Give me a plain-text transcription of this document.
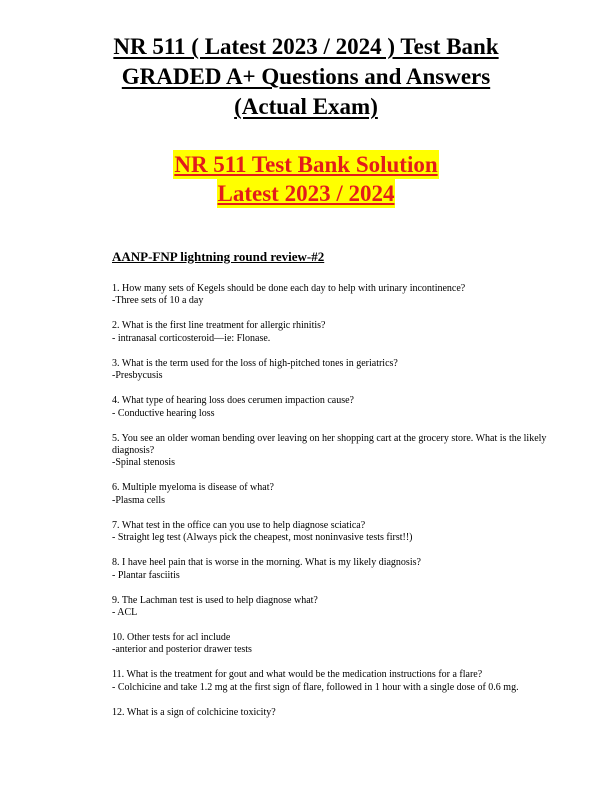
NR 511 ( Latest 2023 / 2024 ) Test Bank
GRADED A+ Questions and Answers
(Actual Exam)
NR 511 Test Bank Solution
Latest 2023 / 2024
AANP-FNP lightning round review-#2

1. How many sets of Kegels should be done each day to help with urinary incontinence?

-Three sets of 10 a day

2. What is the first line treatment for allergic rhinitis?

- intranasal corticosteroid—ie: Flonase.

3. What is the term used for the loss of high-pitched tones in geriatrics?

-Presbycusis

4. What type of hearing loss does cerumen impaction cause?

- Conductive hearing loss

5. You see an older woman bending over leaving on her shopping cart at the grocery store. What is the likely diagnosis?

-Spinal stenosis

6. Multiple myeloma is disease of what?

-Plasma cells

7. What test in the office can you use to help diagnose sciatica?

- Straight leg test (Always pick the cheapest, most noninvasive tests first!!)

8. I have heel pain that is worse in the morning. What is my likely diagnosis?

- Plantar fasciitis

9. The Lachman test is used to help diagnose what?

- ACL

10. Other tests for acl include

-anterior and posterior drawer tests

11. What is the treatment for gout and what would be the medication instructions for a flare?

- Colchicine and take 1.2 mg at the first sign of flare, followed in 1 hour with a single dose of 0.6 mg.

12. What is a sign of colchicine toxicity?
